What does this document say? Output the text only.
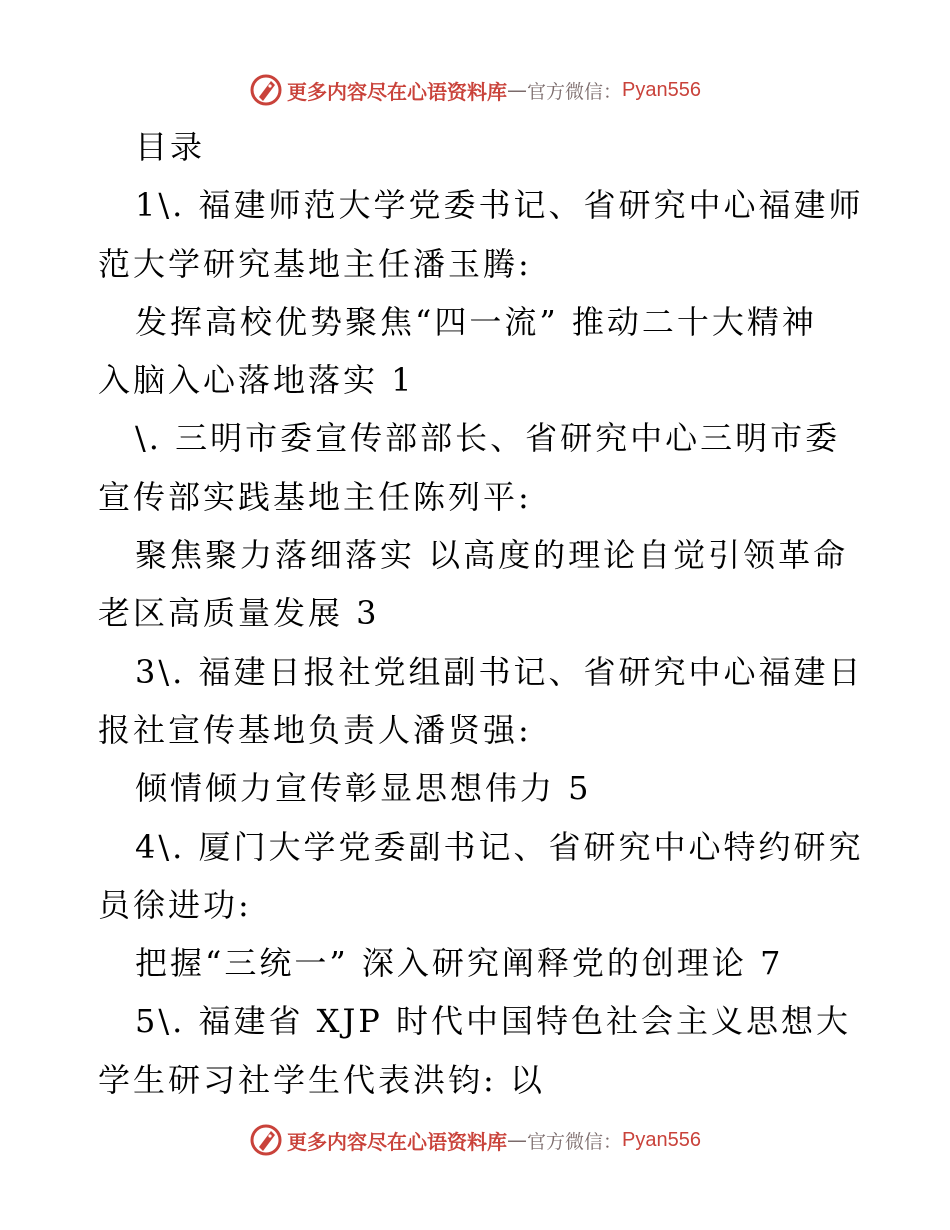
更多内容尽在心语资料库 — 官方微信： Pyan556
目录
1\. 福建师范大学党委书记、省研究中心福建师
范大学研究基地主任潘玉腾:
发挥高校优势聚焦“四一流” 推动二十大精神
入脑入心落地落实 1
\. 三明市委宣传部部长、省研究中心三明市委
宣传部实践基地主任陈列平:
聚焦聚力落细落实 以高度的理论自觉引领革命
老区高质量发展 3
3\. 福建日报社党组副书记、省研究中心福建日
报社宣传基地负责人潘贤强:
倾情倾力宣传彰显思想伟力 5
4\. 厦门大学党委副书记、省研究中心特约研究
员徐进功:
把握“三统一” 深入研究阐释党的创理论 7
5\. 福建省 XJP 时代中国特色社会主义思想大
学生研习社学生代表洪钧: 以
更多内容尽在心语资料库 — 官方微信： Pyan556
